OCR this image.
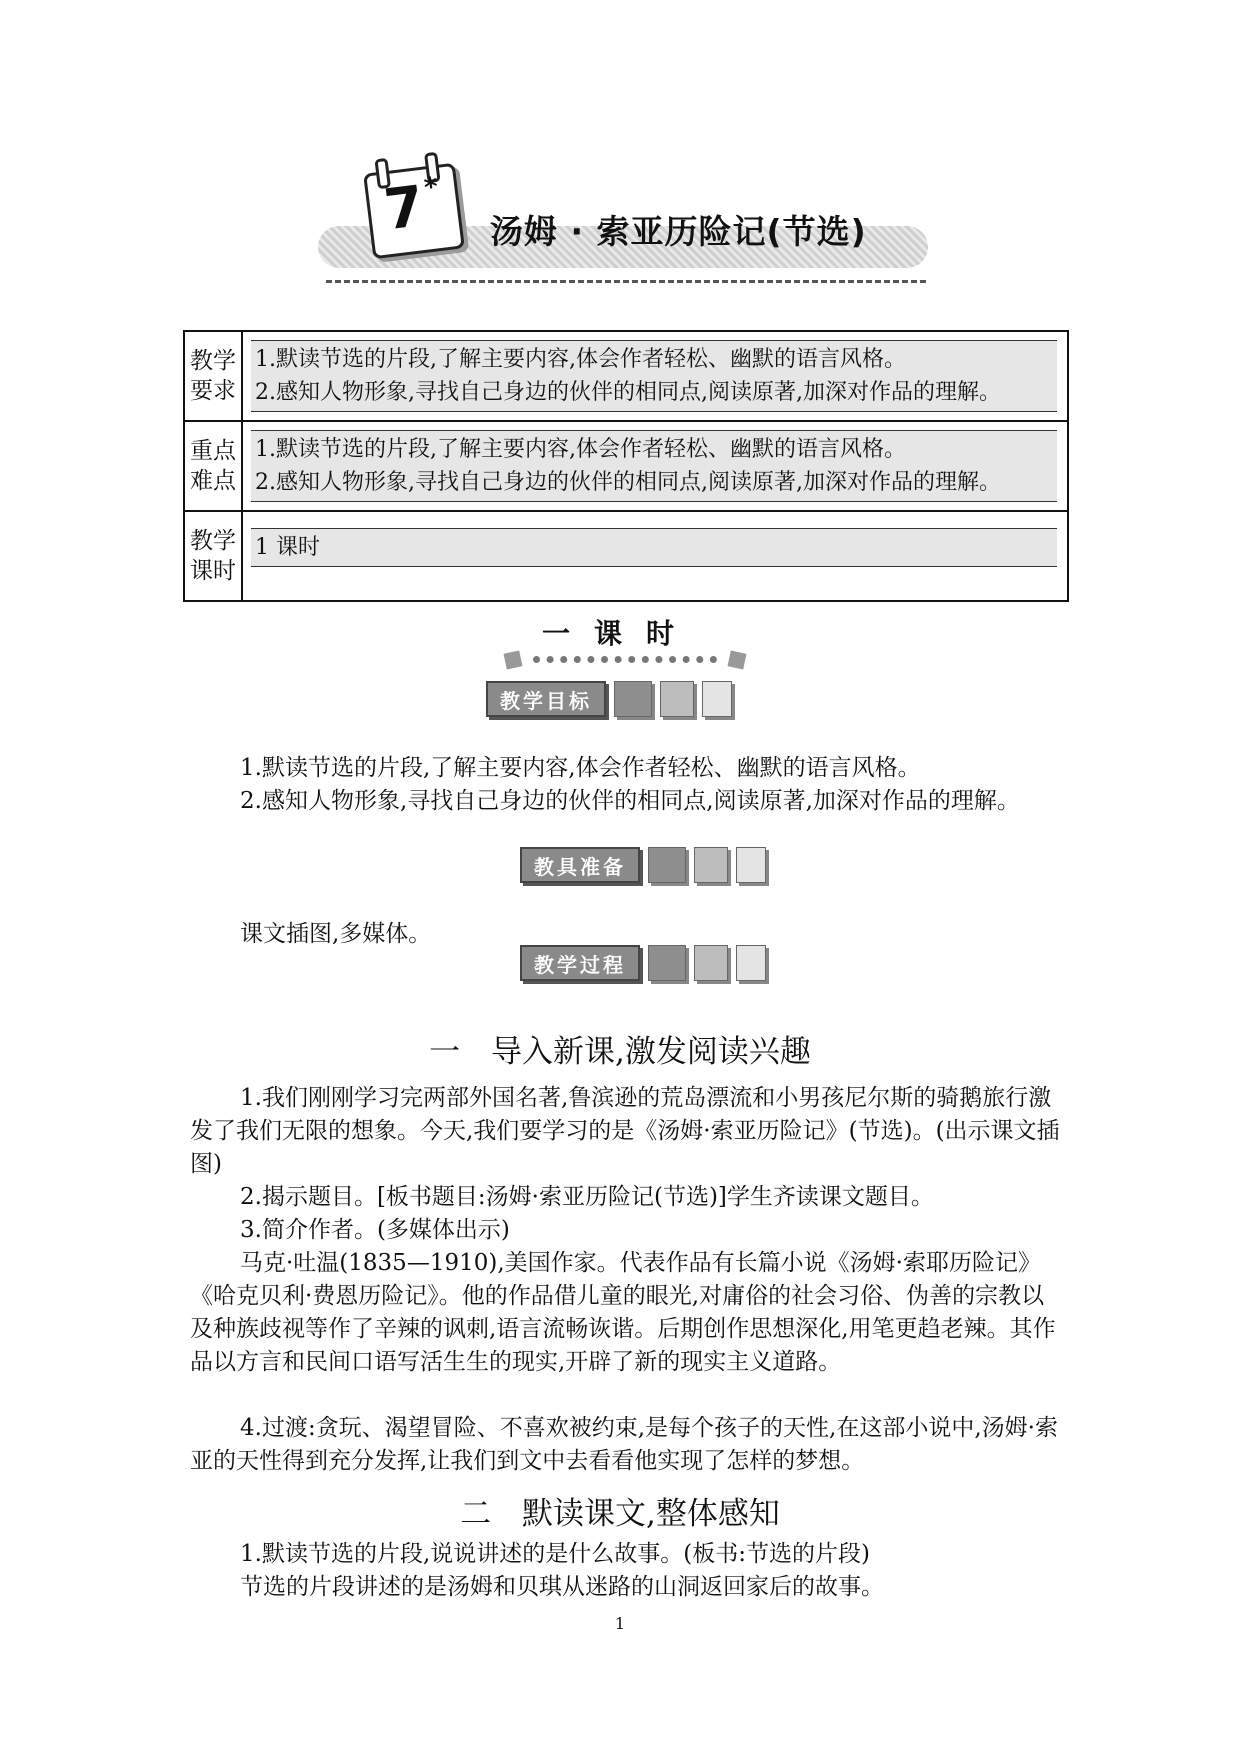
7
*
汤姆 · 索亚历险记(节选)
教学要求
1.默读节选的片段,了解主要内容,体会作者轻松、幽默的语言风格。
2.感知人物形象,寻找自己身边的伙伴的相同点,阅读原著,加深对作品的理解。
重点难点
1.默读节选的片段,了解主要内容,体会作者轻松、幽默的语言风格。
2.感知人物形象,寻找自己身边的伙伴的相同点,阅读原著,加深对作品的理解。
教学课时
1 课时
一课时
教学目标
1.默读节选的片段,了解主要内容,体会作者轻松、幽默的语言风格。
2.感知人物形象,寻找自己身边的伙伴的相同点,阅读原著,加深对作品的理解。
教具准备
课文插图,多媒体。
教学过程
一　导入新课,激发阅读兴趣
1.我们刚刚学习完两部外国名著,鲁滨逊的荒岛漂流和小男孩尼尔斯的骑鹅旅行激发了我们无限的想象。今天,我们要学习的是《汤姆·索亚历险记》(节选)。(出示课文插图)
2.揭示题目。[板书题目:汤姆·索亚历险记(节选)]学生齐读课文题目。
3.简介作者。(多媒体出示)
马克·吐温(1835—1910),美国作家。代表作品有长篇小说《汤姆·索耶历险记》《哈克贝利·费恩历险记》。他的作品借儿童的眼光,对庸俗的社会习俗、伪善的宗教以及种族歧视等作了辛辣的讽刺,语言流畅诙谐。后期创作思想深化,用笔更趋老辣。其作品以方言和民间口语写活生生的现实,开辟了新的现实主义道路。
4.过渡:贪玩、渴望冒险、不喜欢被约束,是每个孩子的天性,在这部小说中,汤姆·索亚的天性得到充分发挥,让我们到文中去看看他实现了怎样的梦想。
二　默读课文,整体感知
1.默读节选的片段,说说讲述的是什么故事。(板书:节选的片段)
节选的片段讲述的是汤姆和贝琪从迷路的山洞返回家后的故事。
1
